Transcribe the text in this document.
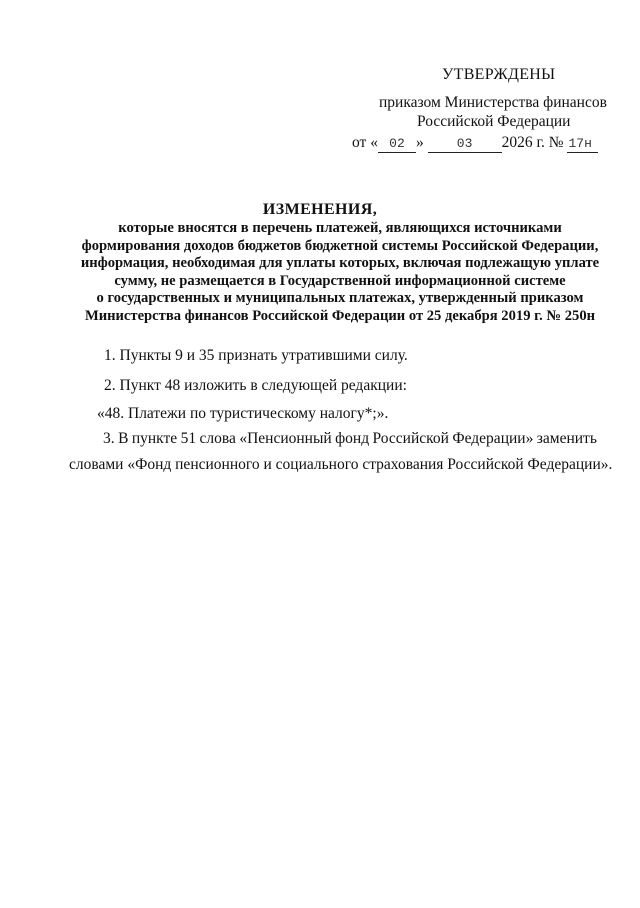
УТВЕРЖДЕНЫ
приказом Министерства финансов
Российской Федерации
от « 02 »	03 2026 г. № 17н
ИЗМЕНЕНИЯ,
которые вносятся в перечень платежей, являющихся источниками
формирования доходов бюджетов бюджетной системы Российской Федерации,
информация, необходимая для уплаты которых, включая подлежащую уплате
сумму, не размещается в Государственной информационной системе
о государственных и муниципальных платежах, утвержденный приказом
Министерства финансов Российской Федерации от 25 декабря 2019 г. № 250н
1. Пункты 9 и 35 признать утратившими силу.
2. Пункт 48 изложить в следующей редакции:
«48. Платежи по туристическому налогу*;».
3. В пункте 51 слова «Пенсионный фонд Российской Федерации» заменить
словами «Фонд пенсионного и социального страхования Российской Федерации».
